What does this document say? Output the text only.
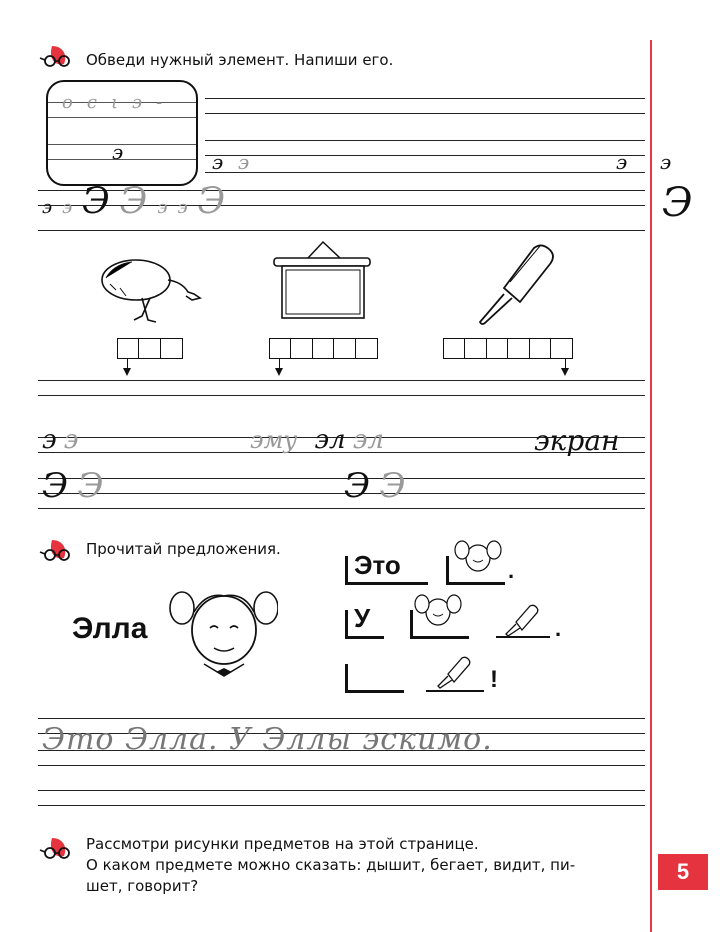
Обведи нужный элемент. Напиши его.
осιэ-
э	э э	э э
Э
э э Э Э э э Э
э э	эму эл эл	экран
Э Э	Э Э
Прочитай предложения.
Элла
Это	.
У	.
!
Это Элла. У Эллы эскимо.
Рассмотри рисунки предметов на этой странице.
О каком предмете можно сказать: дышит, бегает, видит, пи-
шет, говорит?
5
